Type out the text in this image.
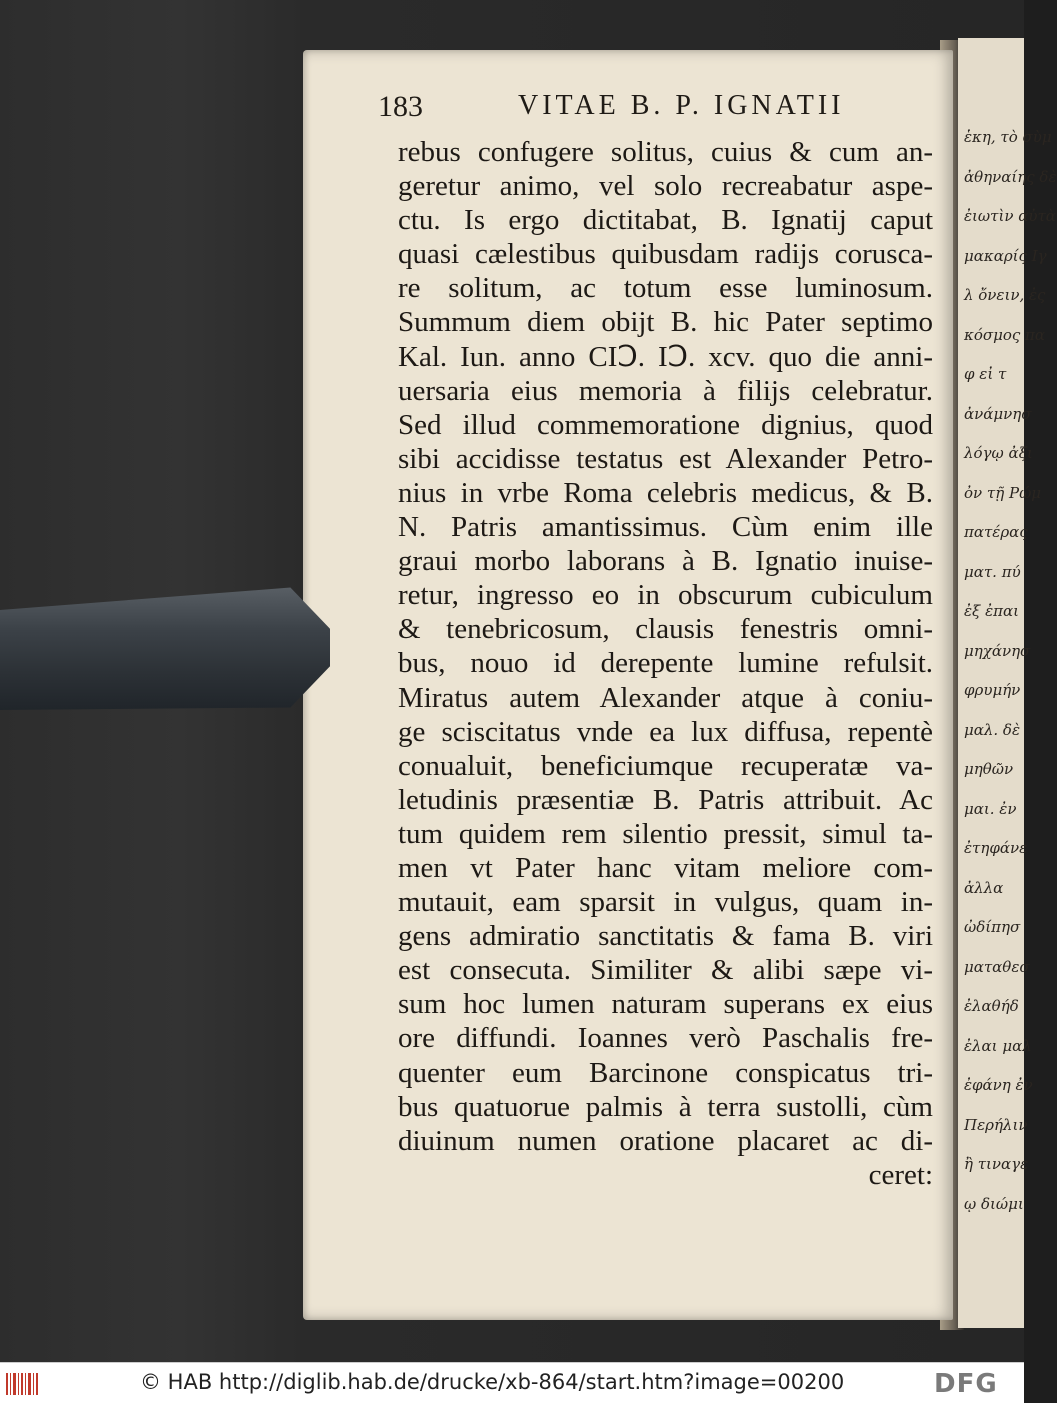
ἑκη, τὸ σὺμ
ἀθηναίης δὲ
ἐιωτὶν αὐτὰ
μακαρίς Ιγ
λ ὄνειν, ἐς
κόσμος πα
φ εἰ τ
ἀνάμνησ
λόγῳ ἀξι
ὀν τῇ Ρώμ
πατέρας
ματ. πύ
ἐξ ἐπαι
μηχάνησ
φρυμήν
μαλ. δὲ
μηθῶν
μαι. ἐν
ἐτηφάνε
ἀλλα
ὠδίπησ
ματαθεσ
ἐλαθήδ
ἐλαι μαλ
ἐφάνη ἐν
Περήλιν
ἢ τιναγε
ῳ διώμι
183	VITAE B. P. IGNATII
rebus confugere solitus, cuius & cum an-
geretur animo, vel solo recreabatur aspe-
ctu. Is ergo dictitabat, B. Ignatij caput
quasi cælestibus quibusdam radijs corusca-
re solitum, ac totum esse luminosum.
Summum diem obijt B. hic Pater septimo
Kal. Iun. anno CIↃ. IↃ. xcv. quo die anni-
uersaria eius memoria à filijs celebratur.
Sed illud commemoratione dignius, quod
sibi accidisse testatus est Alexander Petro-
nius in vrbe Roma celebris medicus, & B.
N. Patris amantissimus. Cùm enim ille
graui morbo laborans à B. Ignatio inuise-
retur, ingresso eo in obscurum cubiculum
& tenebricosum, clausis fenestris omni-
bus, nouo id derepente lumine refulsit.
Miratus autem Alexander atque à coniu-
ge sciscitatus vnde ea lux diffusa, repentè
conualuit, beneficiumque recuperatæ va-
letudinis præsentiæ B. Patris attribuit. Ac
tum quidem rem silentio pressit, simul ta-
men vt Pater hanc vitam meliore com-
mutauit, eam sparsit in vulgus, quam in-
gens admiratio sanctitatis & fama B. viri
est consecuta. Similiter & alibi sæpe vi-
sum hoc lumen naturam superans ex eius
ore diffundi. Ioannes verò Paschalis fre-
quenter eum Barcinone conspicatus tri-
bus quatuorue palmis à terra sustolli, cùm
diuinum numen oratione placaret ac di-
ceret:
© HAB http://diglib.hab.de/drucke/xb-864/start.htm?image=00200	DFG
